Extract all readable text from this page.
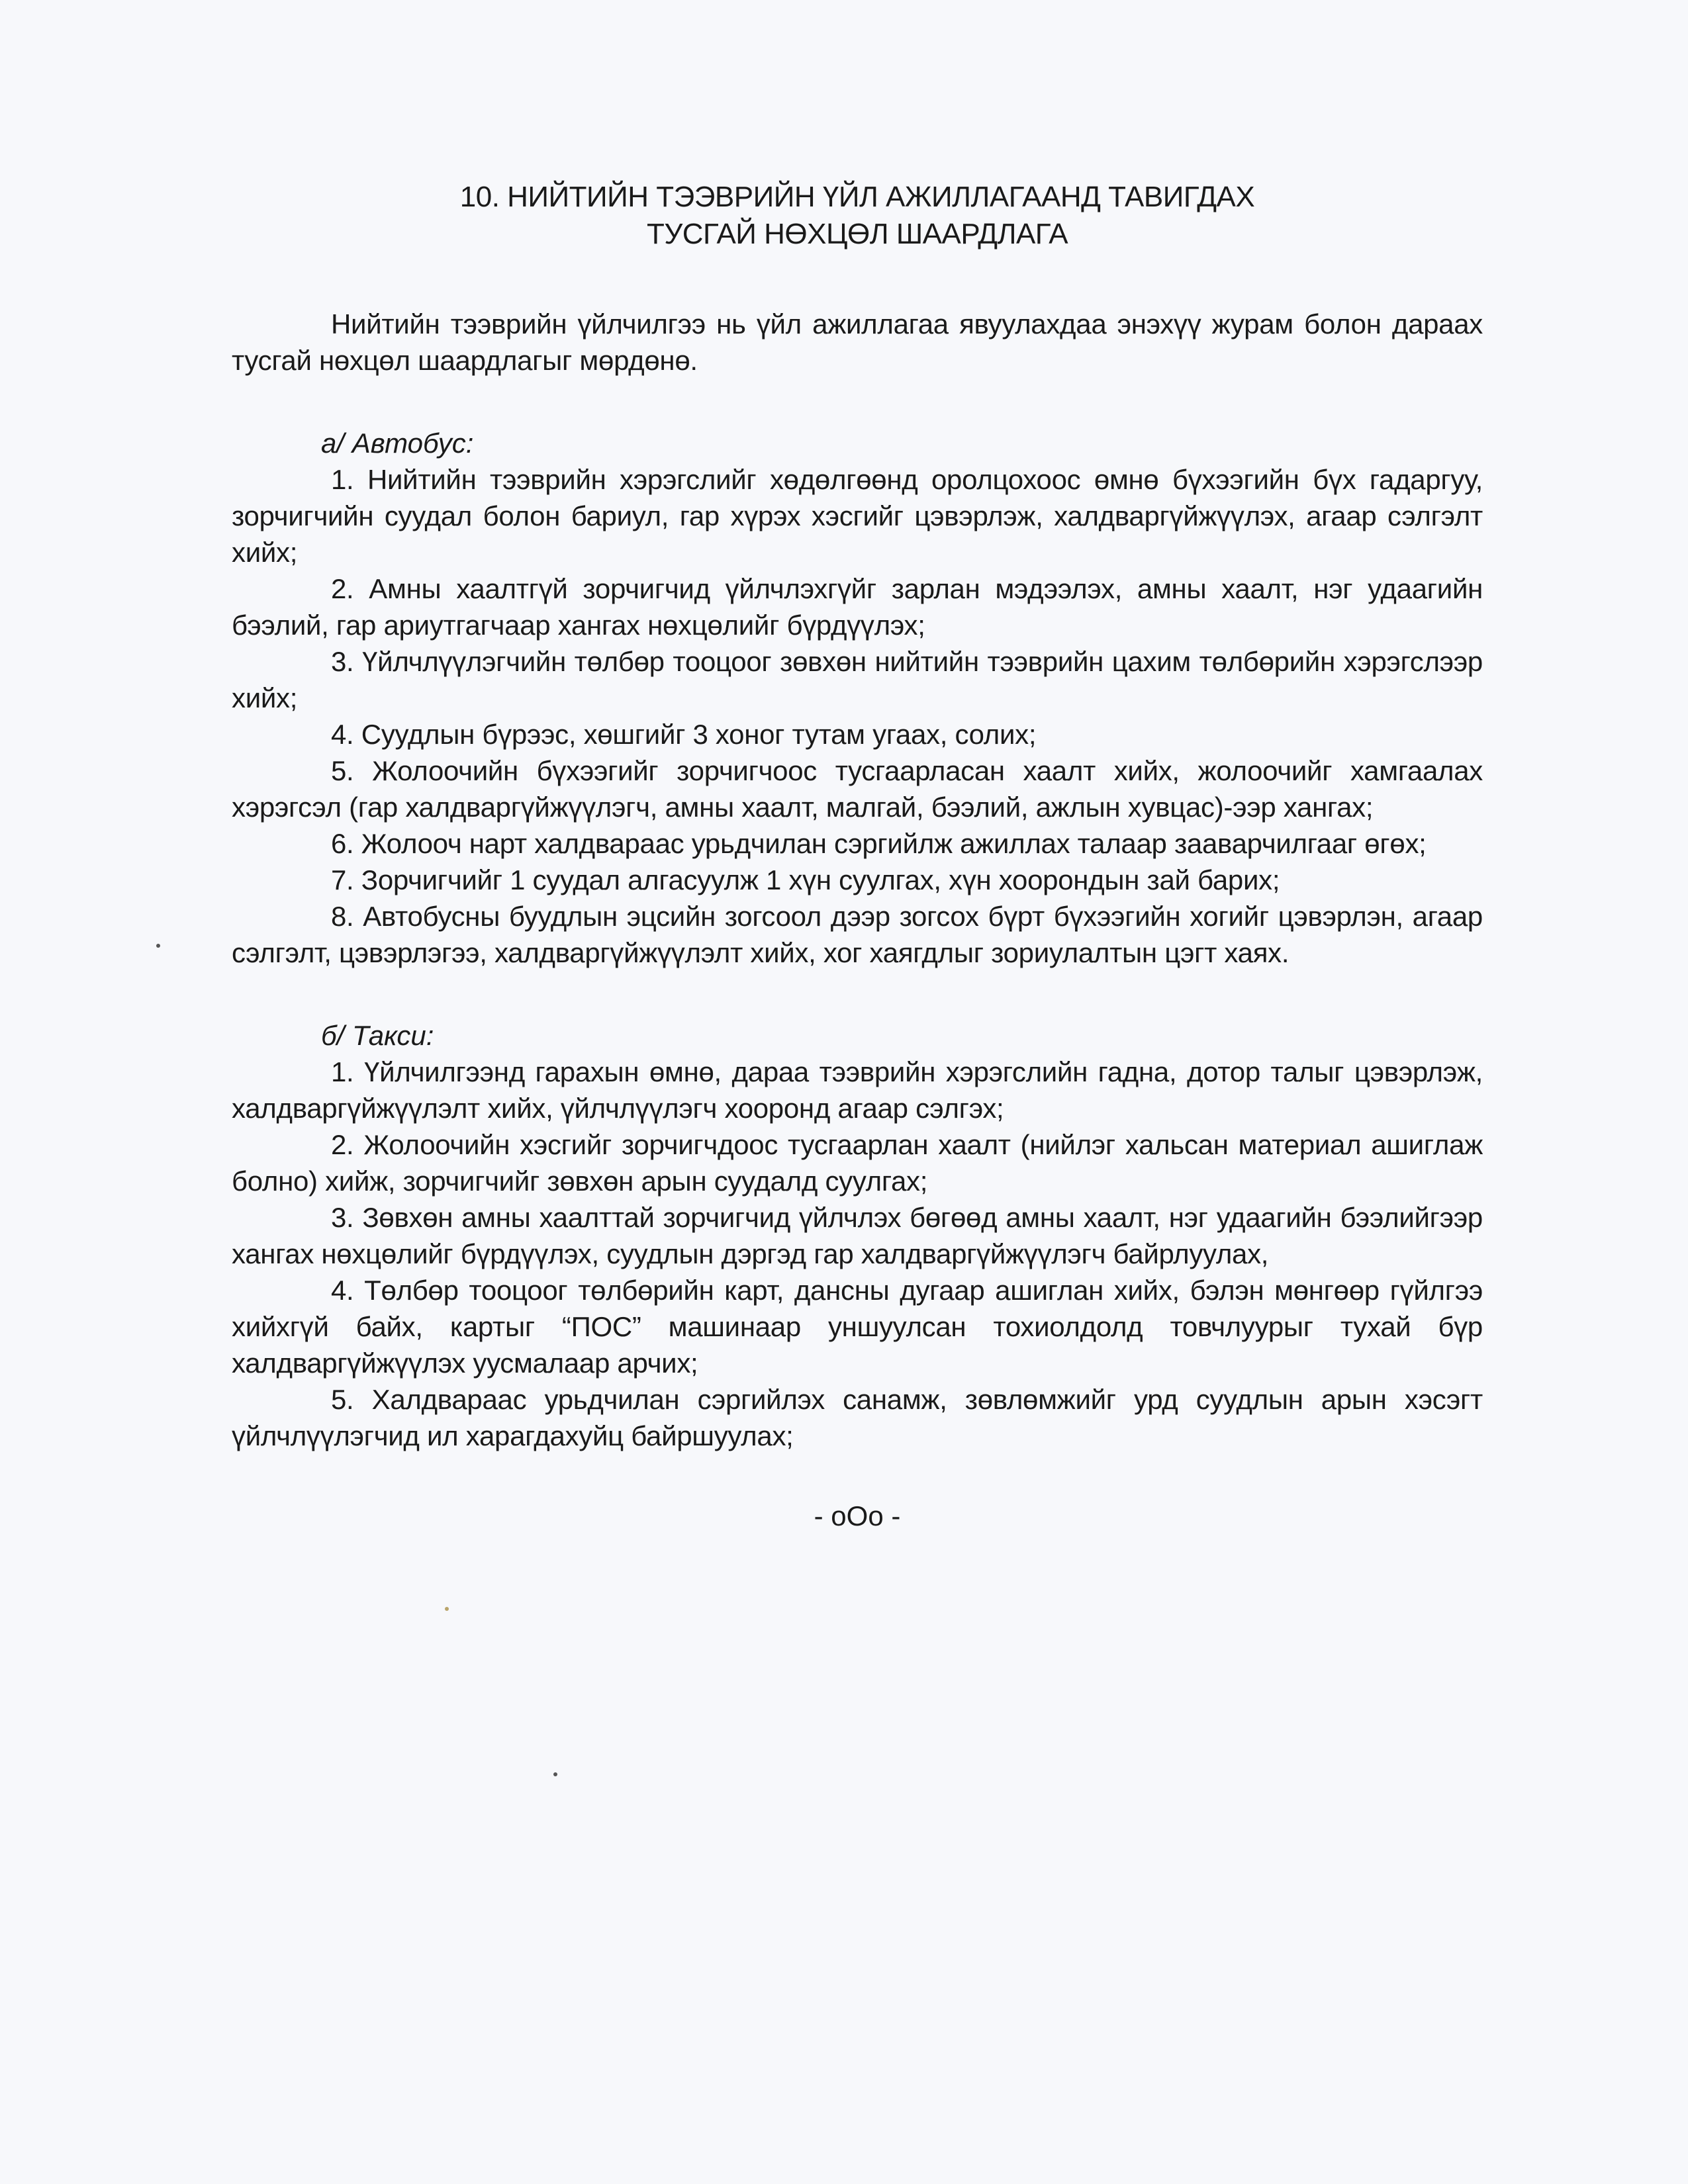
10. НИЙТИЙН ТЭЭВРИЙН ҮЙЛ АЖИЛЛАГААНД ТАВИГДАХ
ТУСГАЙ НӨХЦӨЛ ШААРДЛАГА

Нийтийн тээврийн үйлчилгээ нь үйл ажиллагаа явуулахдаа энэхүү журам болон дараах тусгай нөхцөл шаардлагыг мөрдөнө.

а/ Автобус:

1. Нийтийн тээврийн хэрэгслийг хөдөлгөөнд оролцохоос өмнө бүхээгийн бүх гадаргуу, зорчигчийн суудал болон бариул, гар хүрэх хэсгийг цэвэрлэж, халдваргүйжүүлэх, агаар сэлгэлт хийх;

2. Амны хаалтгүй зорчигчид үйлчлэхгүйг зарлан мэдээлэх, амны хаалт, нэг удаагийн бээлий, гар ариутгагчаар хангах нөхцөлийг бүрдүүлэх;

3. Үйлчлүүлэгчийн төлбөр тооцоог зөвхөн нийтийн тээврийн цахим төлбөрийн хэрэгслээр хийх;

4. Суудлын бүрээс, хөшгийг 3 хоног тутам угаах, солих;

5. Жолоочийн бүхээгийг зорчигчоос тусгаарласан хаалт хийх, жолоочийг хамгаалах хэрэгсэл (гар халдваргүйжүүлэгч, амны хаалт, малгай, бээлий, ажлын хувцас)-ээр хангах;

6. Жолооч нарт халдвараас урьдчилан сэргийлж ажиллах талаар зааварчилгааг өгөх;

7. Зорчигчийг 1 суудал алгасуулж 1 хүн суулгах, хүн хоорондын зай барих;

8. Автобусны буудлын эцсийн зогсоол дээр зогсох бүрт бүхээгийн хогийг цэвэрлэн, агаар сэлгэлт, цэвэрлэгээ, халдваргүйжүүлэлт хийх, хог хаягдлыг зориулалтын цэгт хаях.

б/ Такси:

1. Үйлчилгээнд гарахын өмнө, дараа тээврийн хэрэгслийн гадна, дотор талыг цэвэрлэж, халдваргүйжүүлэлт хийх, үйлчлүүлэгч хооронд агаар сэлгэх;

2. Жолоочийн хэсгийг зорчигчдоос тусгаарлан хаалт (нийлэг хальсан материал ашиглаж болно) хийж, зорчигчийг зөвхөн арын суудалд суулгах;

3. Зөвхөн амны хаалттай зорчигчид үйлчлэх бөгөөд амны хаалт, нэг удаагийн бээлийгээр хангах нөхцөлийг бүрдүүлэх, суудлын дэргэд гар халдваргүйжүүлэгч байрлуулах,

4. Төлбөр тооцоог төлбөрийн карт, дансны дугаар ашиглан хийх, бэлэн мөнгөөр гүйлгээ хийхгүй байх, картыг “ПОС” машинаар уншуулсан тохиолдолд товчлуурыг тухай бүр халдваргүйжүүлэх уусмалаар арчих;

5. Халдвараас урьдчилан сэргийлэх санамж, зөвлөмжийг урд суудлын арын хэсэгт үйлчлүүлэгчид ил харагдахуйц байршуулах;

- oOo -
